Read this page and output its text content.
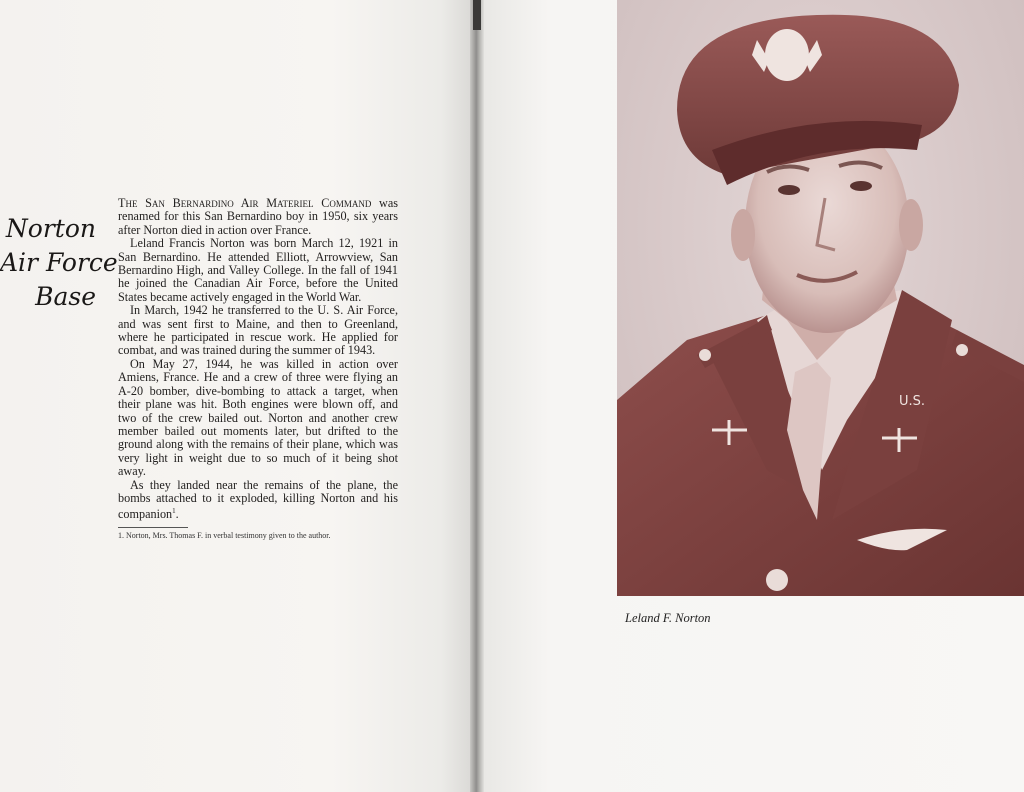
Norton
Air Force
Base

The San Bernardino Air Materiel Command was renamed for this San Bernardino boy in 1950, six years after Norton died in action over France.

Leland Francis Norton was born March 12, 1921 in San Bernardino. He attended Elliott, Arrowview, San Bernardino High, and Valley College. In the fall of 1941 he joined the Canadian Air Force, before the United States became actively engaged in the World War.

In March, 1942 he transferred to the U. S. Air Force, and was sent first to Maine, and then to Greenland, where he participated in rescue work. He applied for combat, and was trained during the summer of 1943.

On May 27, 1944, he was killed in action over Amiens, France. He and a crew of three were flying an A-20 bomber, dive-bombing to attack a target, when their plane was hit. Both engines were blown off, and two of the crew bailed out. Norton and another crew member bailed out moments later, but drifted to the ground along with the remains of their plane, which was very light in weight due to so much of it being shot away.

As they landed near the remains of the plane, the bombs attached to it exploded, killing Norton and his companion$^1$.

1. Norton, Mrs. Thomas F. in verbal testimony given to the author.
U.S.
Leland F. Norton
